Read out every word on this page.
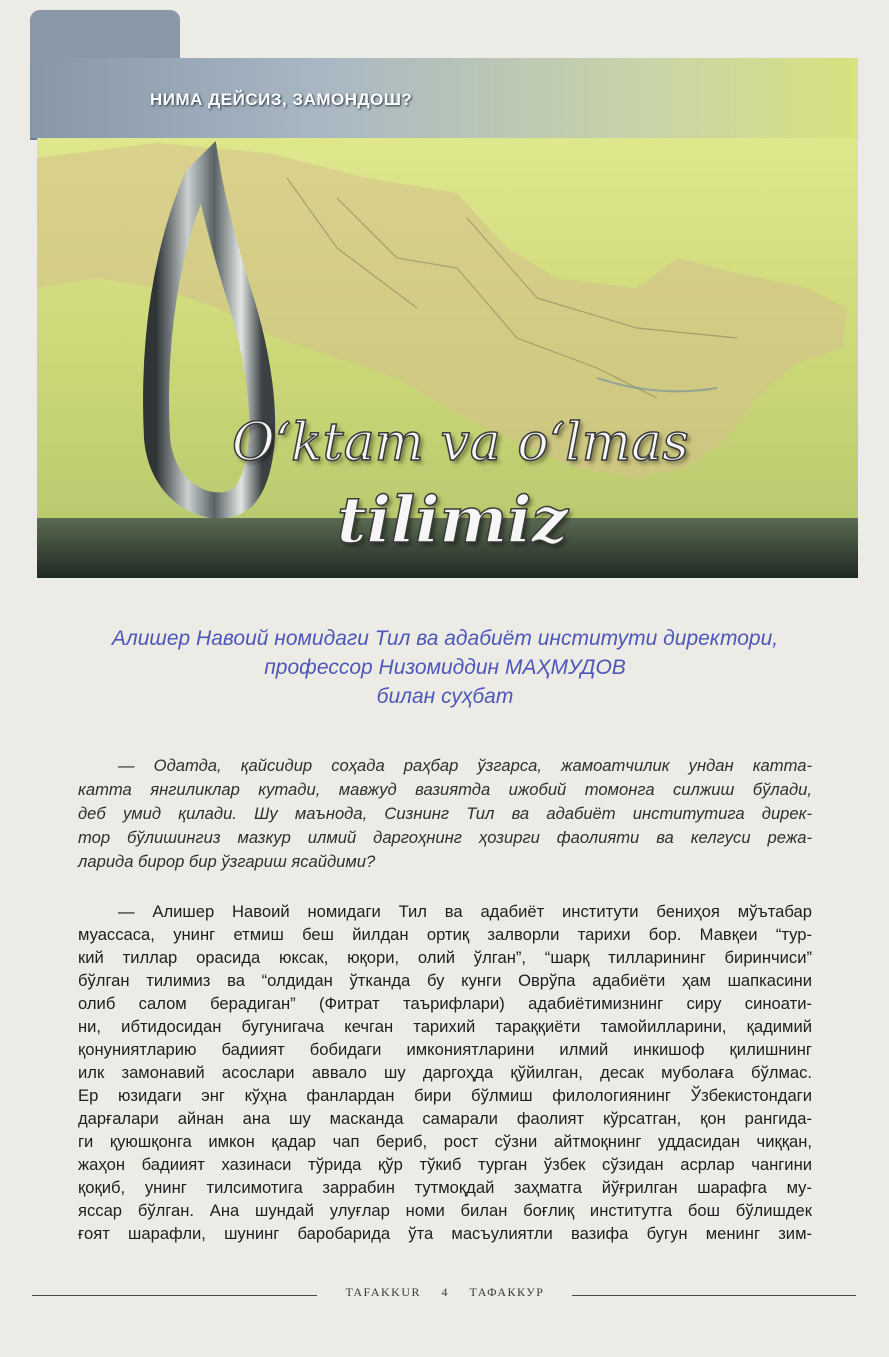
НИМА ДЕЙСИЗ, ЗАМОНДОШ?
O‘ktam va o‘lmas
tilimiz
Алишер Навоий номидаги Тил ва адабиёт институти директори,
профессор Низомиддин МАҲМУДОВ
билан суҳбат
— Одатда, қайсидир соҳада раҳбар ўзгарса, жамоатчилик ундан катта-
катта янгиликлар кутади, мавжуд вазиятда ижобий томонга силжиш бўлади,
деб умид қилади. Шу маънода, Сизнинг Тил ва адабиёт институтига дирек-
тор бўлишингиз мазкур илмий даргоҳнинг ҳозирги фаолияти ва келгуси режа-
ларида бирор бир ўзгариш ясайдими?
— Алишер Навоий номидаги Тил ва адабиёт институти бениҳоя мўътабар
муассаса, унинг етмиш беш йилдан ортиқ залворли тарихи бор. Мавқеи “тур-
кий тиллар орасида юксак, юқори, олий ўлган”, “шарқ тилларининг биринчиси”
бўлган тилимиз ва “олдидан ўтканда бу кунги Оврўпа адабиёти ҳам шапкасини
олиб салом берадиган” (Фитрат таърифлари) адабиётимизнинг сиру синоати-
ни, ибтидосидан бугунигача кечган тарихий тараққиёти тамойилларини, қадимий
қонуниятларию бадиият бобидаги имкониятларини илмий инкишоф қилишнинг
илк замонавий асослари аввало шу даргоҳда қўйилган, десак муболаға бўлмас.
Ер юзидаги энг кўҳна фанлардан бири бўлмиш филологиянинг Ўзбекистондаги
дарғалари айнан ана шу масканда самарали фаолият кўрсатган, қон рангида-
ги қуюшқонга имкон қадар чап бериб, рост сўзни айтмоқнинг уддасидан чиққан,
жаҳон бадиият хазинаси тўрида қўр тўкиб турган ўзбек сўзидан асрлар чангини
қоқиб, унинг тилсимотига заррабин тутмоқдай заҳматга йўғрилган шарафга му-
яссар бўлган. Ана шундай улуғлар номи билан боғлиқ институтга бош бўлишдек
ғоят шарафли, шунинг баробарида ўта масъулиятли вазифа бугун менинг зим-
TAFAKKUR 4 ТАФАККУР
